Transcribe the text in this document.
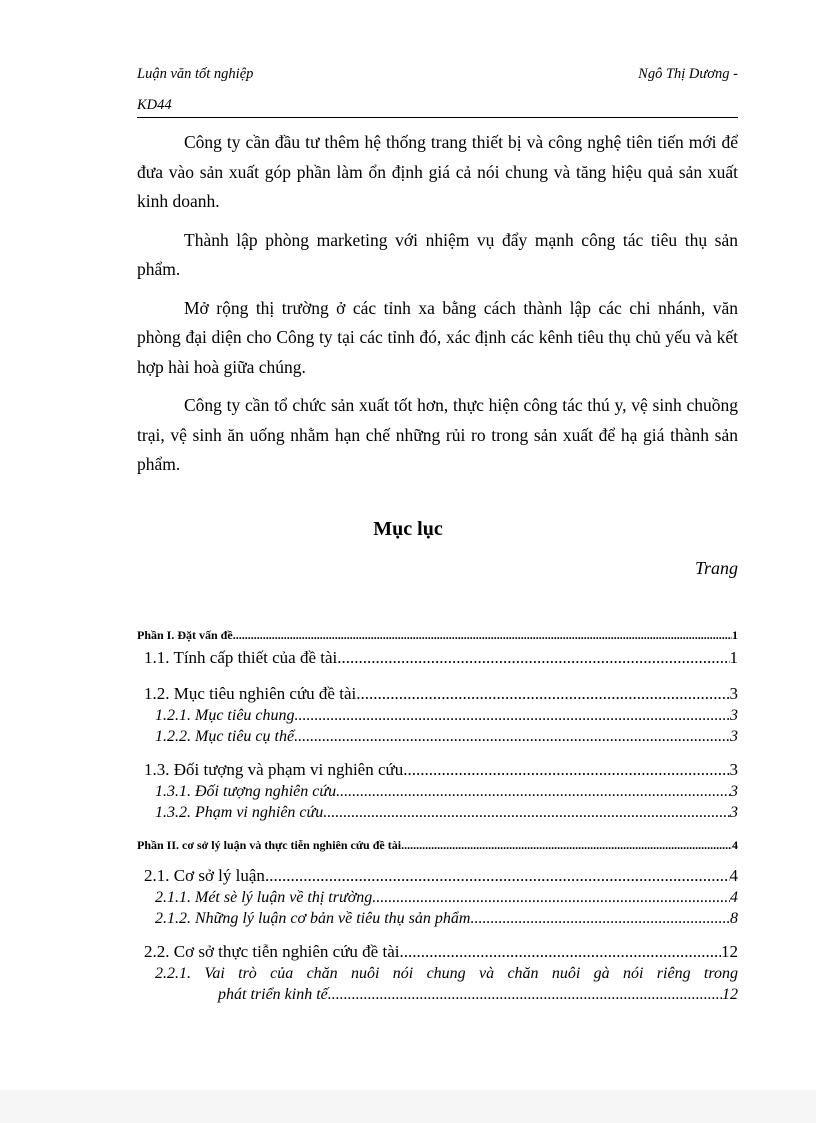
Luận văn tốt nghiệp	Ngô Thị Dương -
KD44

Công ty cần đầu tư thêm hệ thống trang thiết bị và công nghệ tiên tiến mới để đưa vào sản xuất góp phần làm ổn định giá cả nói chung và tăng hiệu quả sản xuất kinh doanh.

Thành lập phòng marketing với nhiệm vụ đẩy mạnh công tác tiêu thụ sản phẩm.

Mở rộng thị trường ở các tỉnh xa bằng cách thành lập các chi nhánh, văn phòng đại diện cho Công ty tại các tỉnh đó, xác định các kênh tiêu thụ chủ yếu và kết hợp hài hoà giữa chúng.

Công ty cần tổ chức sản xuất tốt hơn, thực hiện công tác thú y, vệ sinh chuồng trại, vệ sinh ăn uống nhằm hạn chế những rủi ro trong sản xuất để hạ giá thành sản phẩm.

Mục lục
Trang
Phần I. Đặt vấn đề .....	1
1.1. Tính cấp thiết của đề tài .....	1
1.2. Mục tiêu nghiên cứu đề tài .....	3
1.2.1. Mục tiêu chung .....	3
1.2.2. Mục tiêu cụ thể .....	3
1.3. Đối tượng và phạm vi nghiên cứu .....	3
1.3.1. Đối tượng nghiên cứu .....	3
1.3.2. Phạm vi nghiên cứu .....	3
Phần II. cơ sở lý luận và thực tiễn nghiên cứu đề tài .....	4
2.1. Cơ sở lý luận .....	4
2.1.1. Mét sè lý luận về thị trường .....	4
2.1.2. Những lý luận cơ bản về tiêu thụ sản phẩm .....	8
2.2. Cơ sở thực tiễn nghiên cứu đề tài .....	12
2.2.1. Vai trò của chăn nuôi nói chung và chăn nuôi gà nói riêng trong
phát triển kinh tế .....	12
